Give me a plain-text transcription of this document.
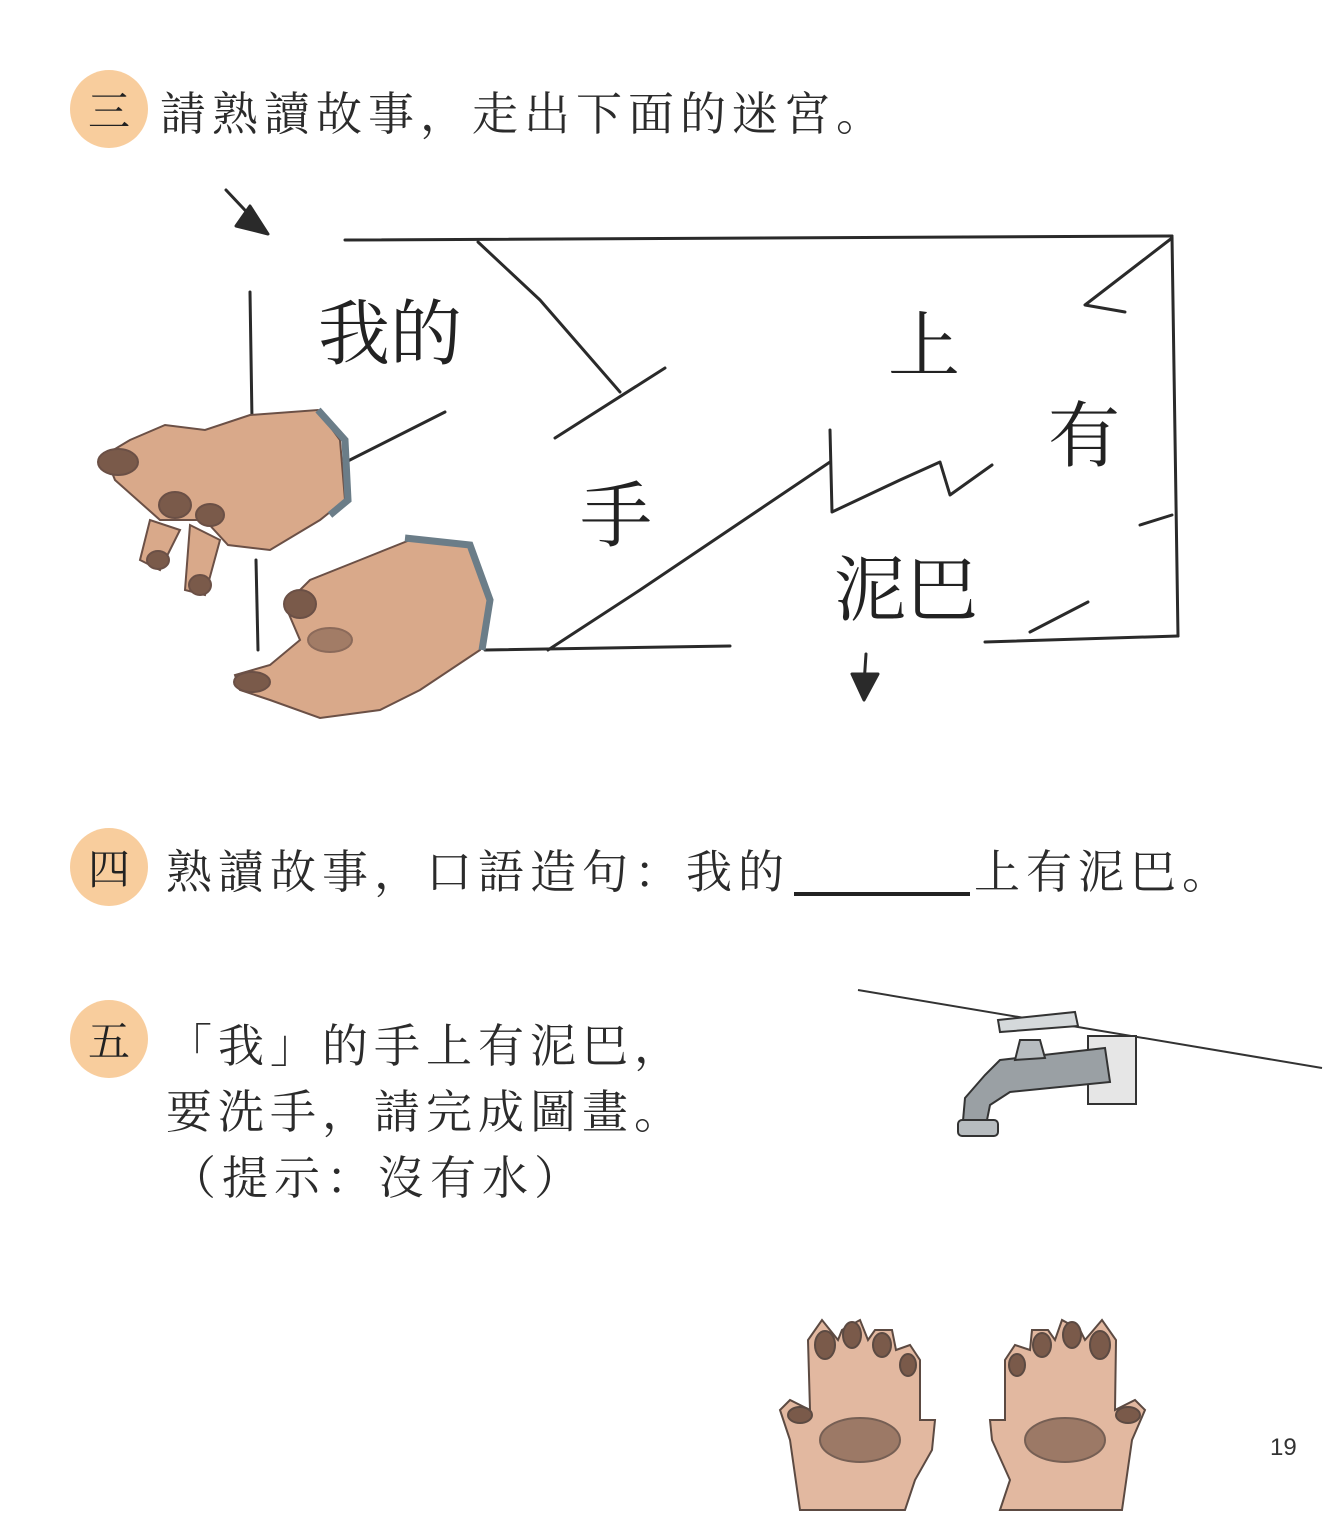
三 請熟讀故事，走出下面的迷宮。
我的	上
有
手
泥巴
四 熟讀故事，口語造句：我的	上有泥巴。
五 「我」的手上有泥巴，
要洗手，請完成圖畫。
（提示：沒有水）
19
